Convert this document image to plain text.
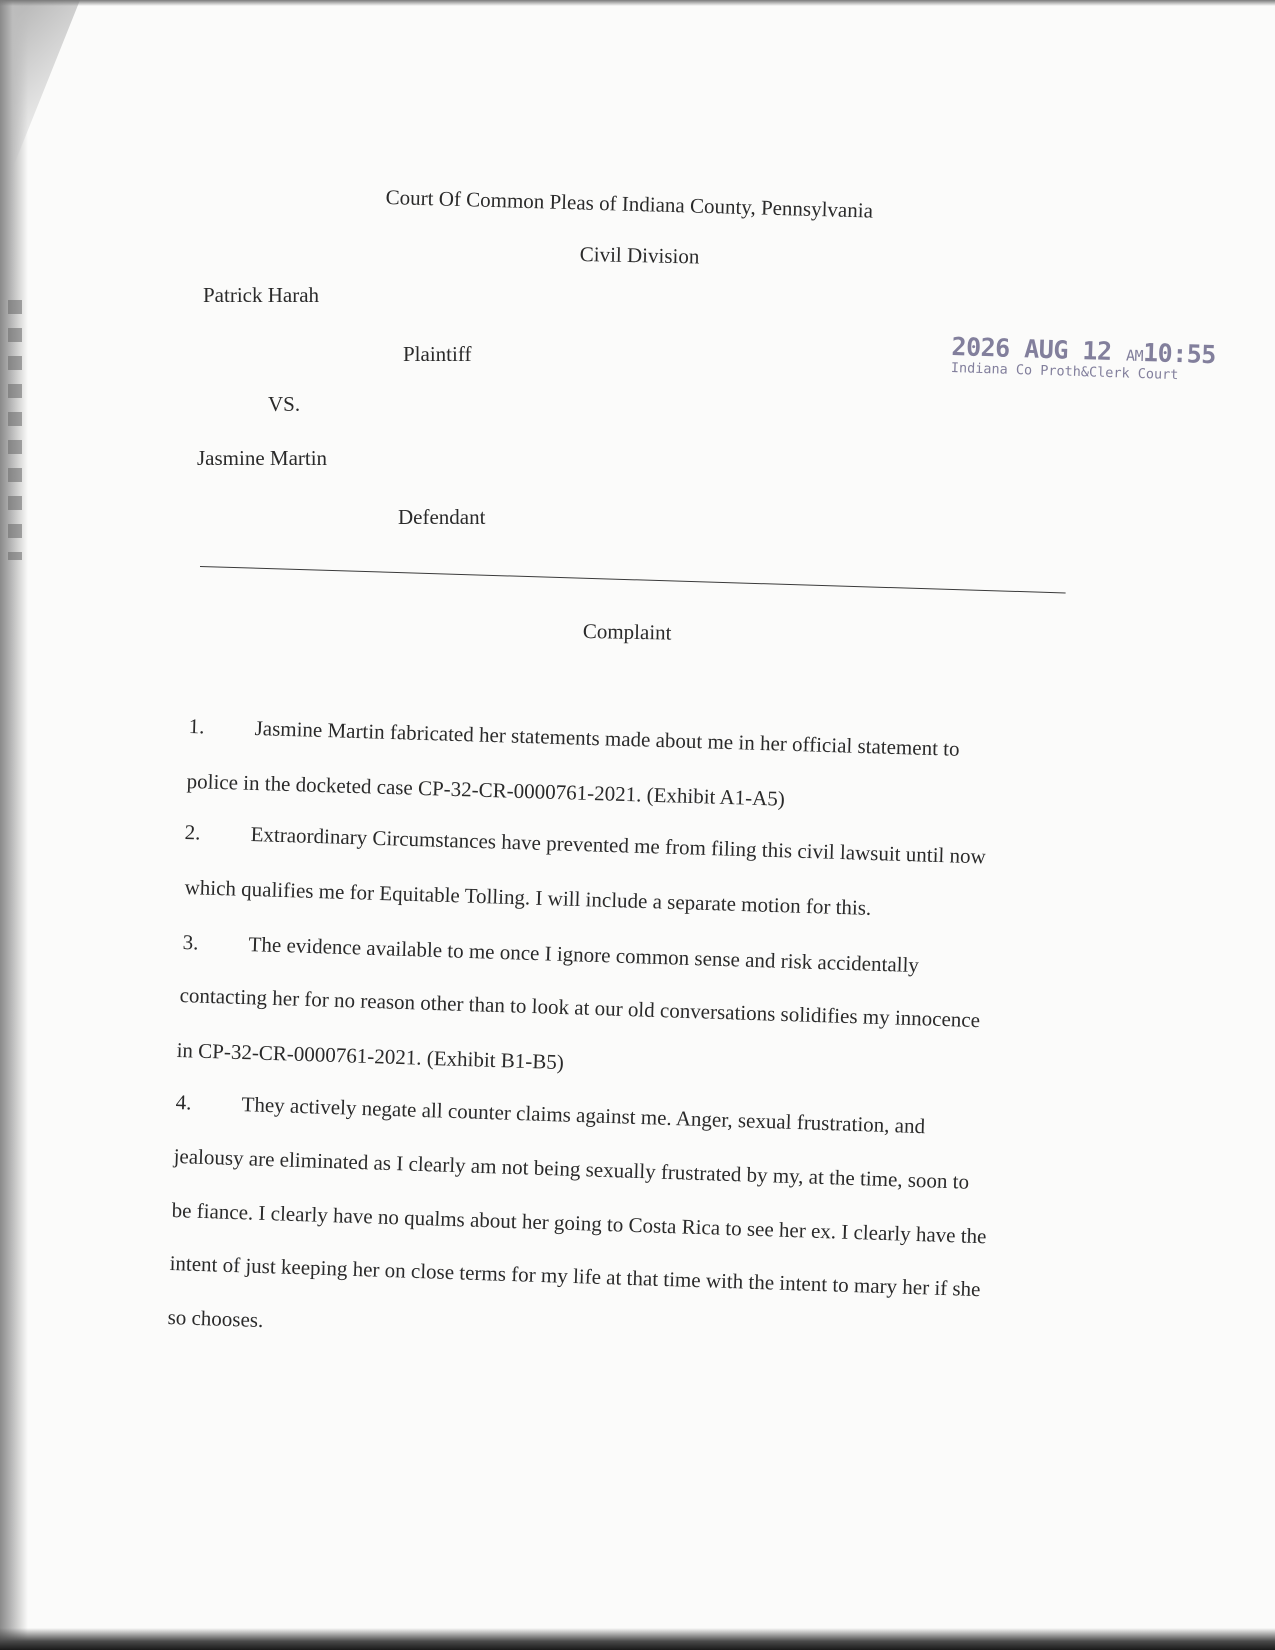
Court Of Common Pleas of Indiana County, Pennsylvania
Civil Division
Patrick Harah
Plaintiff
VS.
Jasmine Martin
Defendant
2026 AUG 12 AM10:55
Indiana Co Proth&Clerk Court
Complaint
1. Jasmine Martin fabricated her statements made about me in her official statement to
police in the docketed case CP-32-CR-0000761-2021. (Exhibit A1-A5)
2. Extraordinary Circumstances have prevented me from filing this civil lawsuit until now
which qualifies me for Equitable Tolling. I will include a separate motion for this.
3. The evidence available to me once I ignore common sense and risk accidentally
contacting her for no reason other than to look at our old conversations solidifies my innocence
in CP-32-CR-0000761-2021. (Exhibit B1-B5)
4. They actively negate all counter claims against me. Anger, sexual frustration, and
jealousy are eliminated as I clearly am not being sexually frustrated by my, at the time, soon to
be fiance. I clearly have no qualms about her going to Costa Rica to see her ex. I clearly have the
intent of just keeping her on close terms for my life at that time with the intent to mary her if she
so chooses.
